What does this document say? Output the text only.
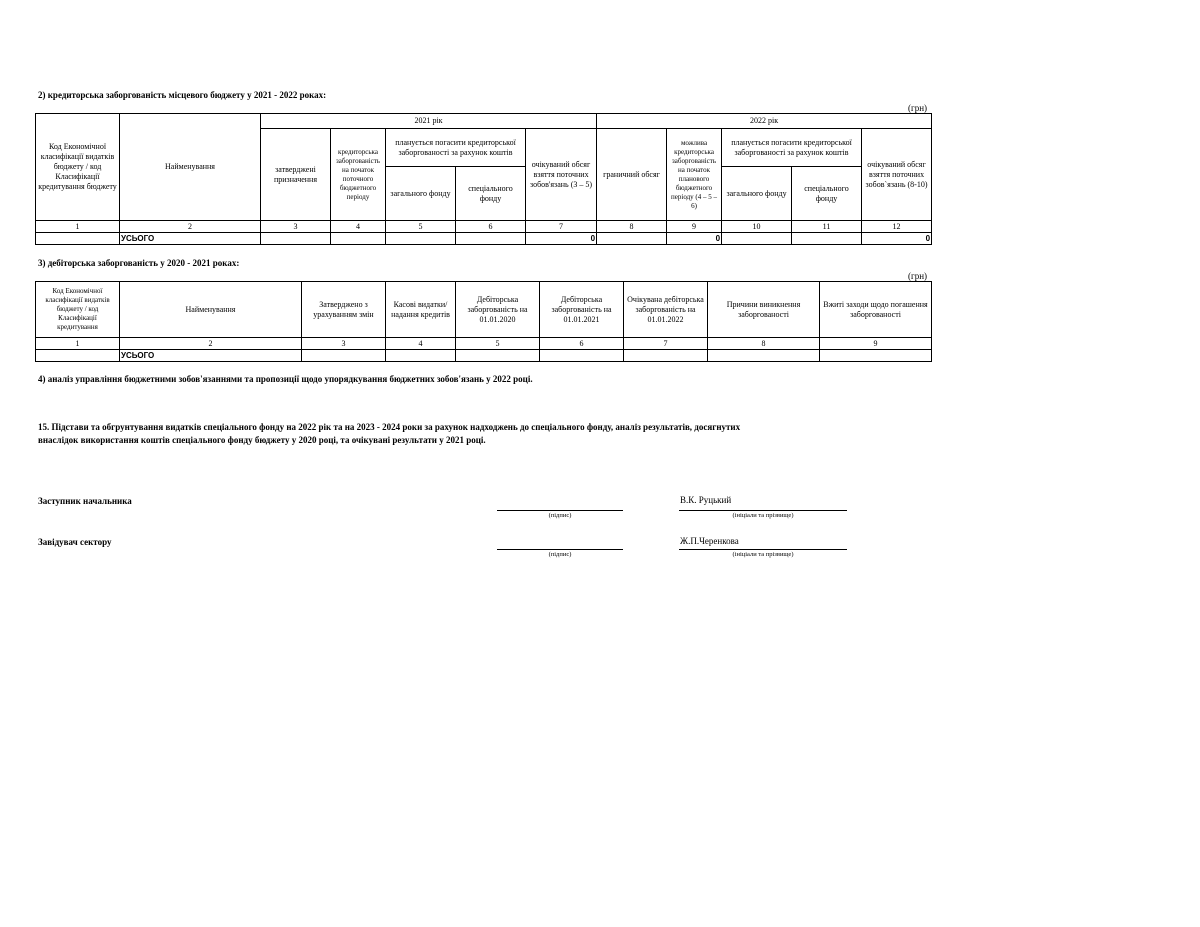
2) кредиторська заборгованість місцевого бюджету у 2021 - 2022 роках:
(грн)
Код Економічної класифікації видатків бюджету / код Класифікації кредитування бюджету	Найменування	2021 рік					2022 рік				
		затверджені призначення	кредиторська заборгованість на початок поточного бюджетного періоду	планується погасити кредиторської заборгованості за рахунок коштів		очікуваний обсяг взяття поточних зобов'язань (3 – 5)	граничний обсяг	можлива кредиторська заборгованість на початок планового бюджетного періоду (4 – 5 – 6)	планується погасити кредиторської заборгованості за рахунок коштів		очікуваний обсяг взяття поточних зобов`язань (8-10)
				загального фонду	спеціального фонду				загального фонду	спеціального фонду	
1	2	3	4	5	6	7	8	9	10	11	12
	УСЬОГО					0		0			0
3) дебіторська заборгованість у 2020 - 2021 роках:
(грн)
Код Економічної класифікації видатків бюджету / код Класифікації кредитування	Найменування	Затверджено з урахуванням змін	Касові видатки/ надання кредитів	Дебіторська заборгованість на 01.01.2020	Дебіторська заборгованість на 01.01.2021	Очікувана дебіторська заборгованість на 01.01.2022	Причини виникнення заборгованості	Вжиті заходи щодо погашення заборгованості
1	2	3	4	5	6	7	8	9
	УСЬОГО							
4) аналіз управління бюджетними зобов'язаннями та пропозиції щодо упорядкування бюджетних зобов'язань у 2022 році.
15. Підстави та обгрунтування видатків спеціального фонду на 2022 рік та на 2023 - 2024 роки за рахунок надходжень до спеціального фонду, аналіз результатів, досягнутих
внаслідок використання коштів спеціального фонду бюджету у 2020 році, та очікувані результати у 2021 році.
Заступник начальника
(підпис)
В.К. Руцький
(ініціали та прізвище)
Завідувач сектору
(підпис)
Ж.П.Черенкова
(ініціали та прізвище)
